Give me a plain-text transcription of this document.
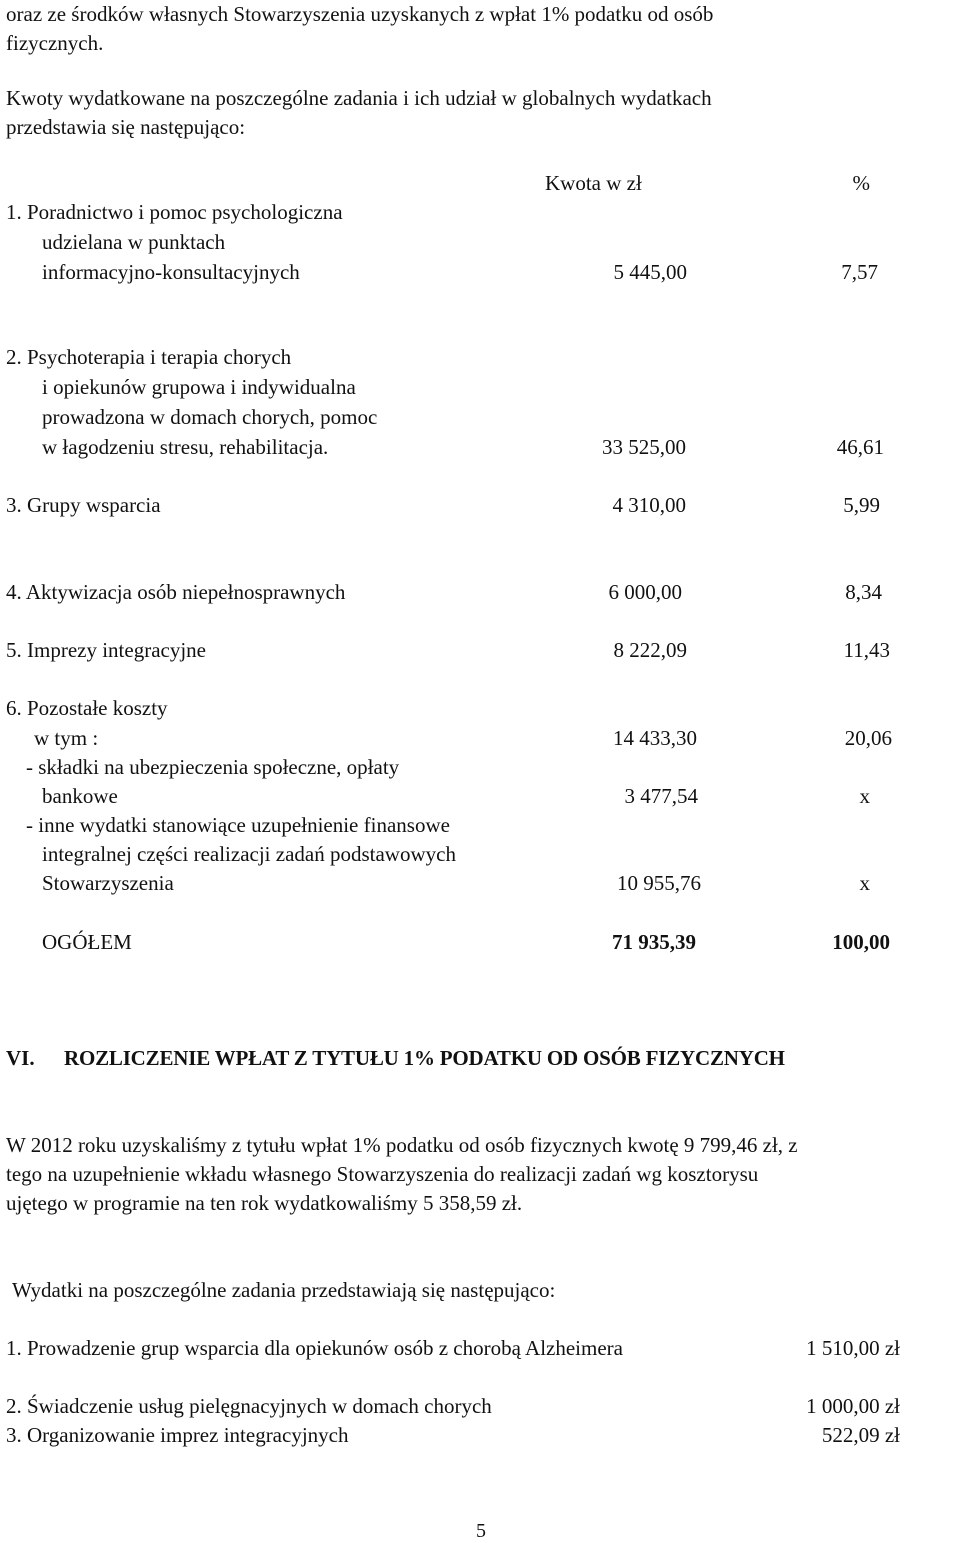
oraz ze środków własnych Stowarzyszenia uzyskanych z wpłat 1% podatku od osób
fizycznych.
Kwoty wydatkowane na poszczególne zadania i ich udział w globalnych wydatkach
przedstawia się następująco:
Kwota w zł	%
1. Poradnictwo i pomoc psychologiczna
udzielana w punktach
informacyjno-konsultacyjnych	5 445,00	7,57
2. Psychoterapia i terapia chorych
i opiekunów grupowa i indywidualna
prowadzona w domach chorych, pomoc
w łagodzeniu stresu, rehabilitacja.	33 525,00	46,61
3. Grupy wsparcia	4 310,00	5,99
4. Aktywizacja osób niepełnosprawnych	6 000,00	8,34
5. Imprezy integracyjne	8 222,09	11,43
6. Pozostałe koszty
w tym :	14 433,30	20,06
- składki na ubezpieczenia społeczne, opłaty
bankowe	3 477,54	x
- inne wydatki stanowiące uzupełnienie finansowe
integralnej części realizacji zadań podstawowych
Stowarzyszenia	10 955,76	x
OGÓŁEM	71 935,39	100,00
VI. ROZLICZENIE WPŁAT Z TYTUŁU 1% PODATKU OD OSÓB FIZYCZNYCH
W 2012 roku uzyskaliśmy z tytułu wpłat 1% podatku od osób fizycznych kwotę 9 799,46 zł, z
tego na uzupełnienie wkładu własnego Stowarzyszenia do realizacji zadań wg kosztorysu
ujętego w programie na ten rok wydatkowaliśmy 5 358,59 zł.
Wydatki na poszczególne zadania przedstawiają się następująco:
1. Prowadzenie grup wsparcia dla opiekunów osób z chorobą Alzheimera	1 510,00 zł
2. Świadczenie usług pielęgnacyjnych w domach chorych	1 000,00 zł
3. Organizowanie imprez integracyjnych	522,09 zł
5
